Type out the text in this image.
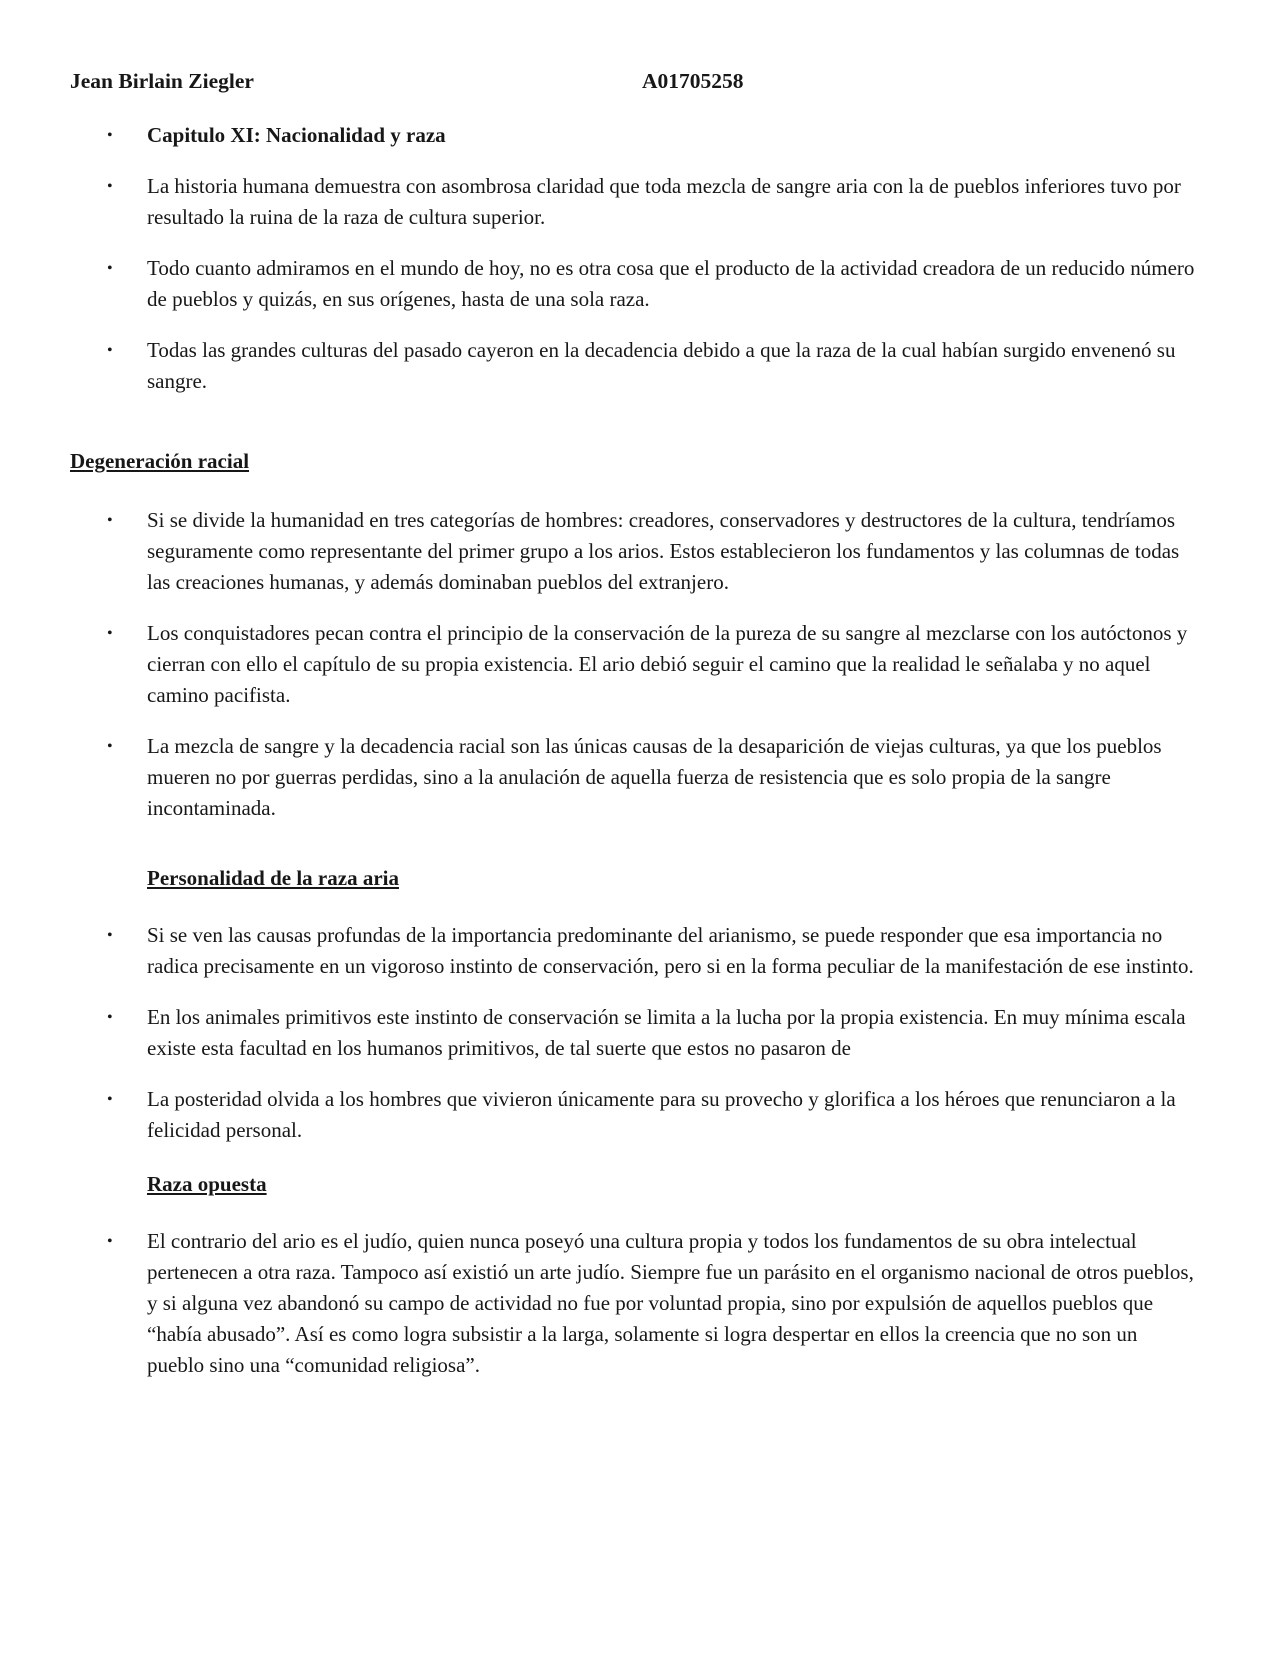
Jean Birlain Ziegler	A01705258
•	Capitulo XI: Nacionalidad y raza
•	La historia humana demuestra con asombrosa claridad que toda mezcla de sangre aria con la de pueblos inferiores tuvo por resultado la ruina de la raza de cultura superior.
•	Todo cuanto admiramos en el mundo de hoy, no es otra cosa que el producto de la actividad creadora de un reducido número de pueblos y quizás, en sus orígenes, hasta de una sola raza.
•	Todas las grandes culturas del pasado cayeron en la decadencia debido a que la raza de la cual habían surgido envenenó su sangre.
Degeneración racial
•	Si se divide la humanidad en tres categorías de hombres: creadores, conservadores y destructores de la cultura, tendríamos seguramente como representante del primer grupo a los arios. Estos establecieron los fundamentos y las columnas de todas las creaciones humanas, y además dominaban pueblos del extranjero.
•	Los conquistadores pecan contra el principio de la conservación de la pureza de su sangre al mezclarse con los autóctonos y cierran con ello el capítulo de su propia existencia. El ario debió seguir el camino que la realidad le señalaba y no aquel camino pacifista.
•	La mezcla de sangre y la decadencia racial son las únicas causas de la desaparición de viejas culturas, ya que los pueblos mueren no por guerras perdidas, sino a la anulación de aquella fuerza de resistencia que es solo propia de la sangre incontaminada.
Personalidad de la raza aria
•	Si se ven las causas profundas de la importancia predominante del arianismo, se puede responder que esa importancia no radica precisamente en un vigoroso instinto de conservación, pero si en la forma peculiar de la manifestación de ese instinto.
•	En los animales primitivos este instinto de conservación se limita a la lucha por la propia existencia. En muy mínima escala existe esta facultad en los humanos primitivos, de tal suerte que estos no pasaron de
•	La posteridad olvida a los hombres que vivieron únicamente para su provecho y glorifica a los héroes que renunciaron a la felicidad personal.
Raza opuesta
•	El contrario del ario es el judío, quien nunca poseyó una cultura propia y todos los fundamentos de su obra intelectual pertenecen a otra raza. Tampoco así existió un arte judío. Siempre fue un parásito en el organismo nacional de otros pueblos, y si alguna vez abandonó su campo de actividad no fue por voluntad propia, sino por expulsión de aquellos pueblos que “había abusado”. Así es como logra subsistir a la larga, solamente si logra despertar en ellos la creencia que no son un pueblo sino una “comunidad religiosa”.
